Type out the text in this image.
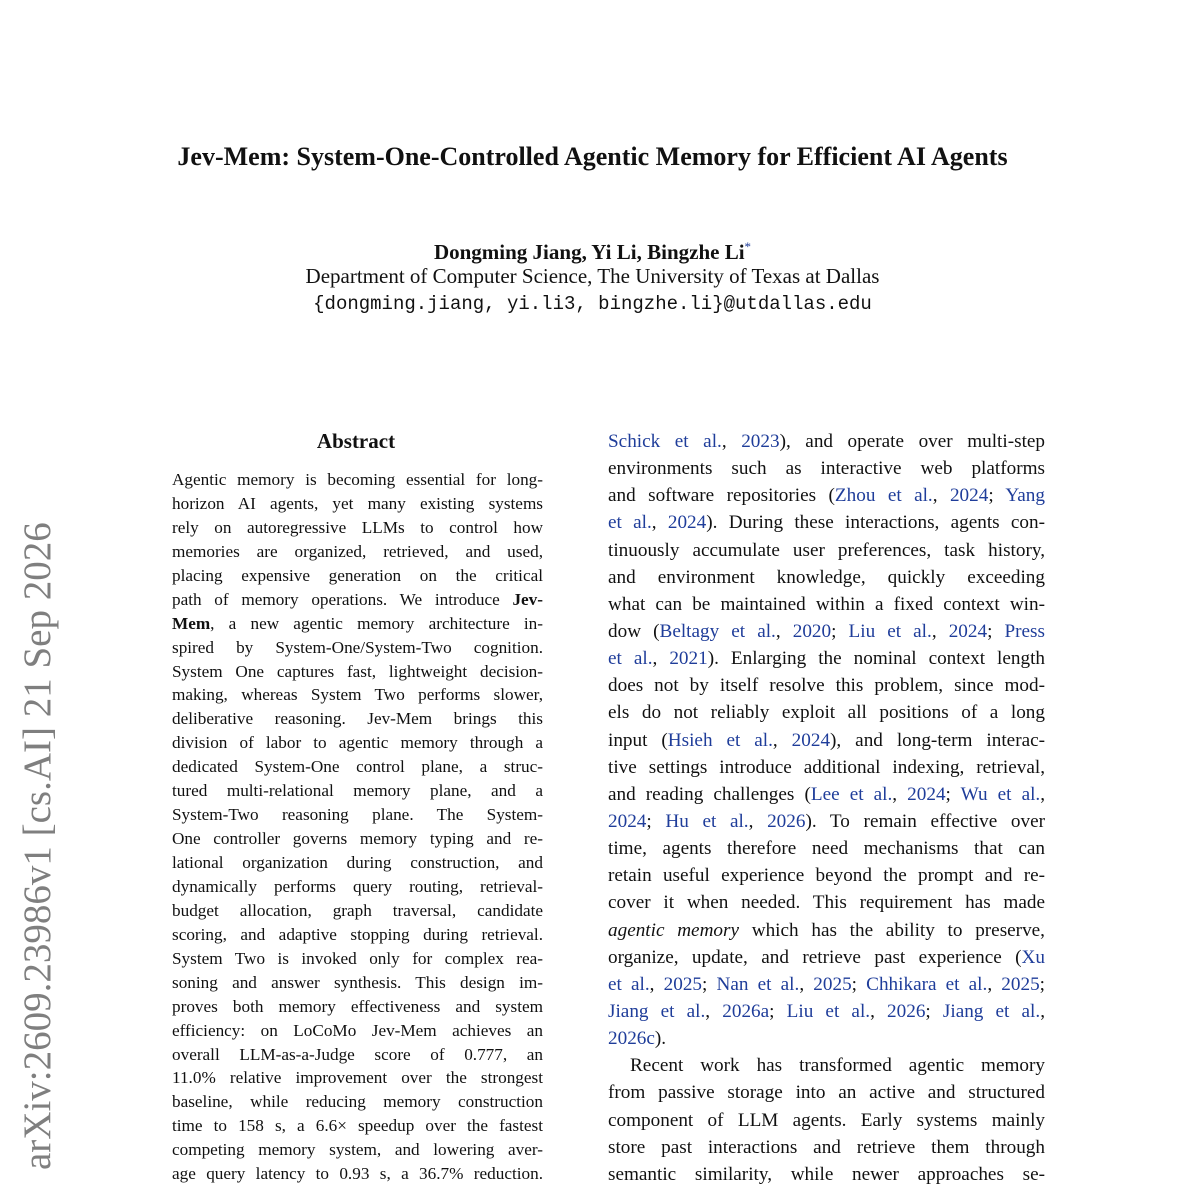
arXiv:2609.23986v1 [cs.AI] 21 Sep 2026
Jev-Mem: System-One-Controlled Agentic Memory for Efficient AI Agents
Dongming Jiang, Yi Li, Bingzhe Li*
Department of Computer Science, The University of Texas at Dallas
{dongming.jiang, yi.li3, bingzhe.li}@utdallas.edu
Abstract
Agentic memory is becoming essential for long-
horizon AI agents, yet many existing systems
rely on autoregressive LLMs to control how
memories are organized, retrieved, and used,
placing expensive generation on the critical
path of memory operations. We introduce Jev-
Mem, a new agentic memory architecture in-
spired by System-One/System-Two cognition.
System One captures fast, lightweight decision-
making, whereas System Two performs slower,
deliberative reasoning. Jev-Mem brings this
division of labor to agentic memory through a
dedicated System-One control plane, a struc-
tured multi-relational memory plane, and a
System-Two reasoning plane. The System-
One controller governs memory typing and re-
lational organization during construction, and
dynamically performs query routing, retrieval-
budget allocation, graph traversal, candidate
scoring, and adaptive stopping during retrieval.
System Two is invoked only for complex rea-
soning and answer synthesis. This design im-
proves both memory effectiveness and system
efficiency: on LoCoMo Jev-Mem achieves an
overall LLM-as-a-Judge score of 0.777, an
11.0% relative improvement over the strongest
baseline, while reducing memory construction
time to 158 s, a 6.6× speedup over the fastest
competing memory system, and lowering aver-
age query latency to 0.93 s, a 36.7% reduction.
Schick et al., 2023), and operate over multi-step
environments such as interactive web platforms
and software repositories (Zhou et al., 2024; Yang
et al., 2024). During these interactions, agents con-
tinuously accumulate user preferences, task history,
and environment knowledge, quickly exceeding
what can be maintained within a fixed context win-
dow (Beltagy et al., 2020; Liu et al., 2024; Press
et al., 2021). Enlarging the nominal context length
does not by itself resolve this problem, since mod-
els do not reliably exploit all positions of a long
input (Hsieh et al., 2024), and long-term interac-
tive settings introduce additional indexing, retrieval,
and reading challenges (Lee et al., 2024; Wu et al.,
2024; Hu et al., 2026). To remain effective over
time, agents therefore need mechanisms that can
retain useful experience beyond the prompt and re-
cover it when needed. This requirement has made
agentic memory which has the ability to preserve,
organize, update, and retrieve past experience (Xu
et al., 2025; Nan et al., 2025; Chhikara et al., 2025;
Jiang et al., 2026a; Liu et al., 2026; Jiang et al.,
2026c).
Recent work has transformed agentic memory
from passive storage into an active and structured
component of LLM agents. Early systems mainly
store past interactions and retrieve them through
semantic similarity, while newer approaches se-
